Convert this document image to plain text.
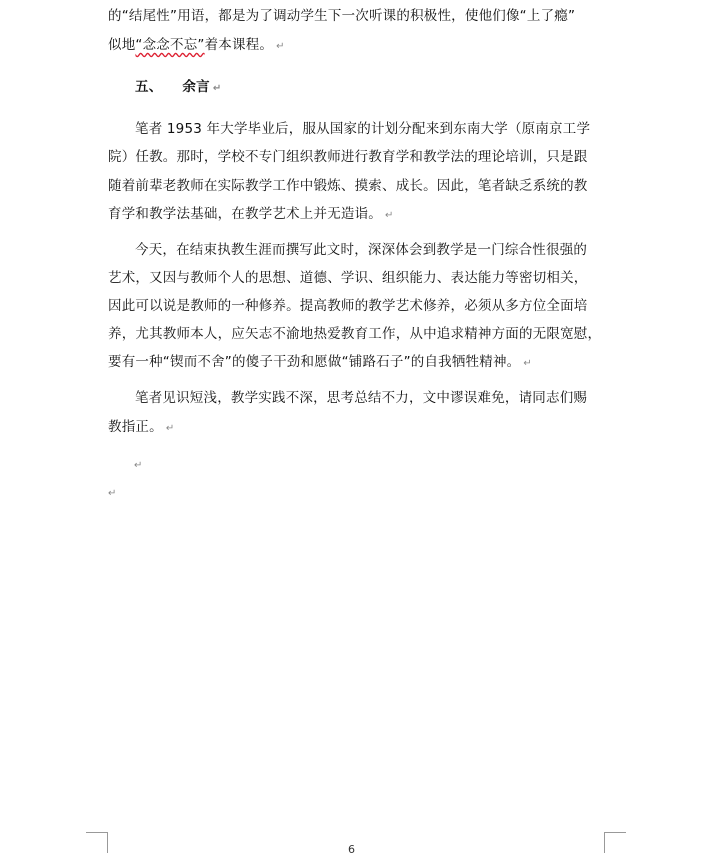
的“结尾性”用语，都是为了调动学生下一次听课的积极性，使他们像“上了瘾”
似地“念念不忘”着本课程。 ↵
五、 余言 ↵
笔者 1953 年大学毕业后，服从国家的计划分配来到东南大学（原南京工学
院）任教。那时，学校不专门组织教师进行教育学和教学法的理论培训，只是跟
随着前辈老教师在实际教学工作中锻炼、摸索、成长。因此，笔者缺乏系统的教
育学和教学法基础，在教学艺术上并无造诣。 ↵
今天，在结束执教生涯而撰写此文时，深深体会到教学是一门综合性很强的
艺术，又因与教师个人的思想、道德、学识、组织能力、表达能力等密切相关，
因此可以说是教师的一种修养。提高教师的教学艺术修养，必须从多方位全面培
养，尤其教师本人，应矢志不渝地热爱教育工作，从中追求精神方面的无限宽慰，
要有一种“锲而不舍”的傻子干劲和愿做“铺路石子”的自我牺牲精神。 ↵
笔者见识短浅，教学实践不深，思考总结不力，文中谬误难免，请同志们赐
教指正。 ↵
↵
↵
6
